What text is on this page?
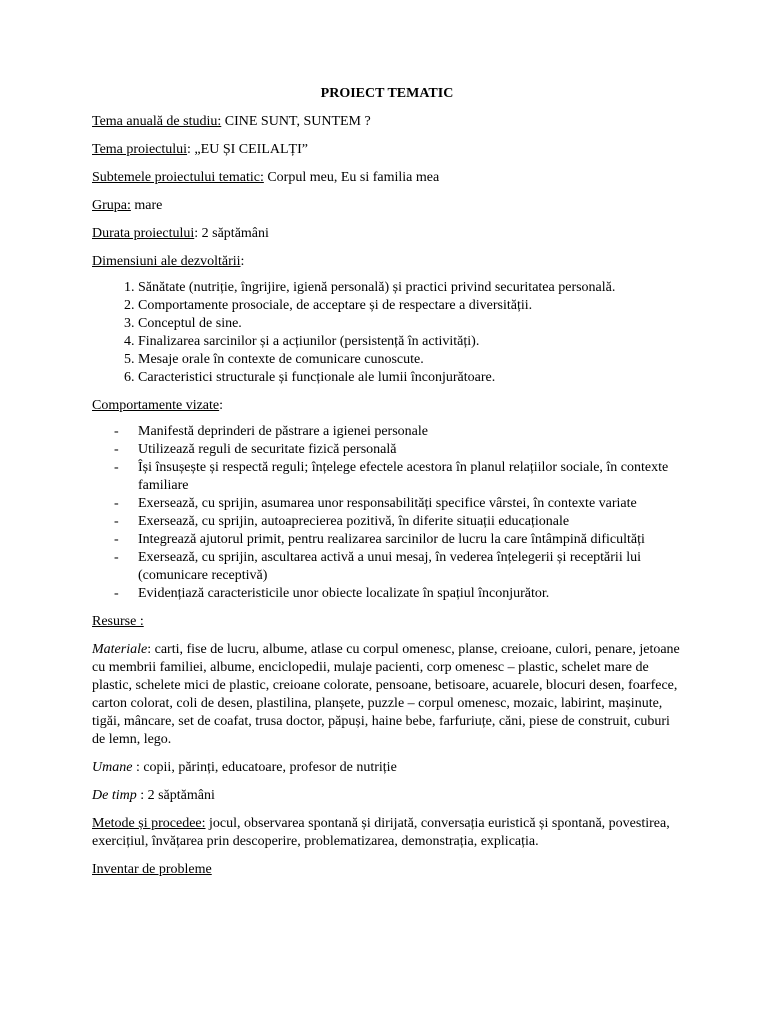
PROIECT TEMATIC

Tema anuală de studiu: CINE SUNT, SUNTEM ?

Tema proiectului: „EU ȘI CEILALȚI”

Subtemele proiectului tematic: Corpul meu, Eu si familia mea

Grupa: mare

Durata proiectului: 2 săptămâni

Dimensiuni ale dezvoltării:

1. Sănătate (nutriție, îngrijire, igienă personală) și practici privind securitatea personală.
2. Comportamente prosociale, de acceptare și de respectare a diversității.
3. Conceptul de sine.
4. Finalizarea sarcinilor și a acțiunilor (persistență în activități).
5. Mesaje orale în contexte de comunicare cunoscute.
6. Caracteristici structurale și funcționale ale lumii înconjurătoare.

Comportamente vizate:

- Manifestă deprinderi de păstrare a igienei personale
- Utilizează reguli de securitate fizică personală
- Își însușește și respectă reguli; înțelege efectele acestora în planul relațiilor sociale, în contexte familiare
- Exersează, cu sprijin, asumarea unor responsabilități specifice vârstei, în contexte variate
- Exersează, cu sprijin, autoaprecierea pozitivă, în diferite situații educaționale
- Integrează ajutorul primit, pentru realizarea sarcinilor de lucru la care întâmpină dificultăți
- Exersează, cu sprijin, ascultarea activă a unui mesaj, în vederea înțelegerii și receptării lui (comunicare receptivă)
- Evidențiază caracteristicile unor obiecte localizate în spațiul înconjurător.

Resurse :

Materiale: carti, fise de lucru, albume, atlase cu corpul omenesc, planse, creioane, culori, penare, jetoane cu membrii familiei, albume, enciclopedii, mulaje pacienti, corp omenesc – plastic, schelet mare de plastic, schelete mici de plastic, creioane colorate, pensoane, betisoare, acuarele, blocuri desen, foarfece, carton colorat, coli de desen, plastilina, planșete, puzzle – corpul omenesc, mozaic, labirint, mașinute, tigăi, mâncare, set de coafat, trusa doctor, păpuși, haine bebe, farfuriuțe, căni, piese de construit, cuburi de lemn, lego.

Umane : copii, părinți, educatoare, profesor de nutriție

De timp : 2 săptămâni

Metode și procedee: jocul, observarea spontană și dirijată, conversația euristică și spontană, povestirea, exercițiul, învățarea prin descoperire, problematizarea, demonstrația, explicația.

Inventar de probleme
